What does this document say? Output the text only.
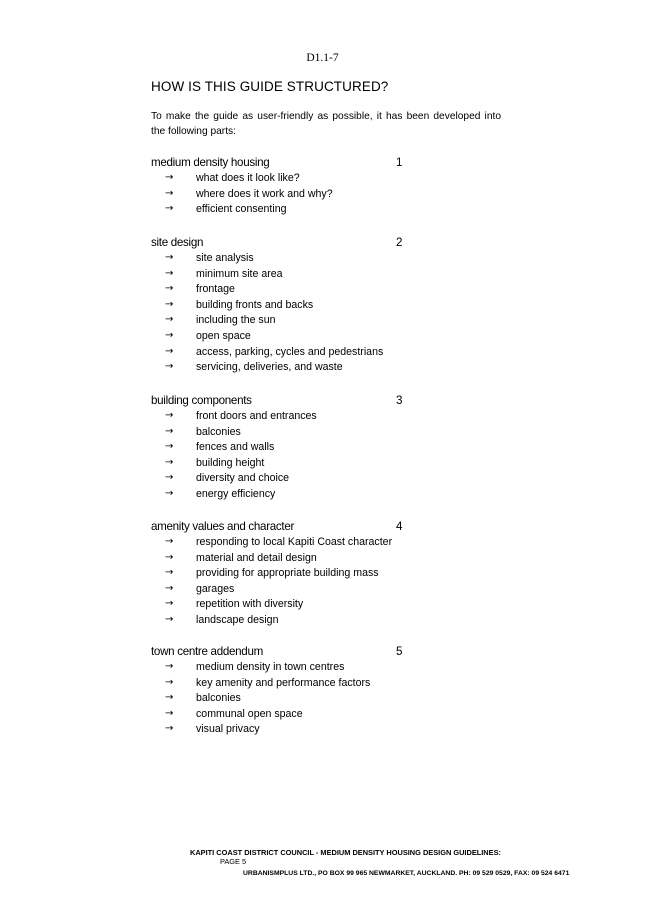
D1.1-7
HOW IS THIS GUIDE STRUCTURED?
To make the guide as user-friendly as possible, it has been developed into the following parts:
medium density housing	1
→ what does it look like?
→ where does it work and why?
→ efficient consenting
site design	2
→ site analysis
→ minimum site area
→ frontage
→ building fronts and backs
→ including the sun
→ open space
→ access, parking, cycles and pedestrians
→ servicing, deliveries, and waste
building components	3
→ front doors and entrances
→ balconies
→ fences and walls
→ building height
→ diversity and choice
→ energy efficiency
amenity values and character	4
→ responding to local Kapiti Coast character
→ material and detail design
→ providing for appropriate building mass
→ garages
→ repetition with diversity
→ landscape design
town centre addendum	5
→ medium density in town centres
→ key amenity and performance factors
→ balconies
→ communal open space
→ visual privacy
KAPITI COAST DISTRICT COUNCIL - MEDIUM DENSITY HOUSING DESIGN GUIDELINES:
PAGE 5
URBANISMPLUS LTD., PO BOX 99 965 NEWMARKET, AUCKLAND. PH: 09 529 0529, FAX: 09 524 6471
